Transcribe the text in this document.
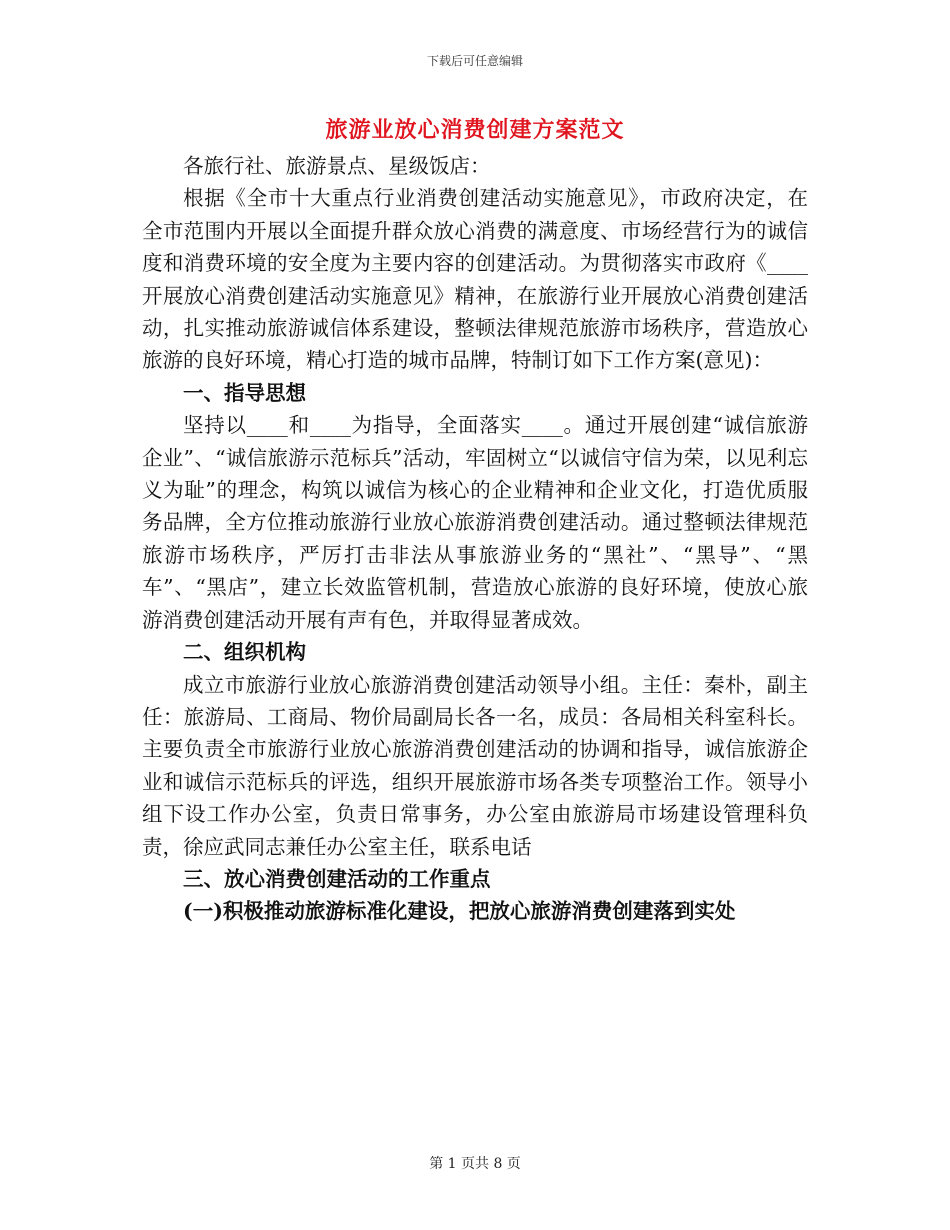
下载后可任意编辑
旅游业放心消费创建方案范文

各旅行社、旅游景点、星级饭店：

根据《全市十大重点行业消费创建活动实施意见》，市政府决定，在全市范围内开展以全面提升群众放心消费的满意度、市场经营行为的诚信度和消费环境的安全度为主要内容的创建活动。为贯彻落实市政府《____开展放心消费创建活动实施意见》精神，在旅游行业开展放心消费创建活动，扎实推动旅游诚信体系建设，整顿法律规范旅游市场秩序，营造放心旅游的良好环境，精心打造的城市品牌，特制订如下工作方案(意见)：

一、指导思想

坚持以____和____为指导，全面落实____。通过开展创建“诚信旅游企业”、“诚信旅游示范标兵”活动，牢固树立“以诚信守信为荣，以见利忘义为耻”的理念，构筑以诚信为核心的企业精神和企业文化，打造优质服务品牌，全方位推动旅游行业放心旅游消费创建活动。通过整顿法律规范旅游市场秩序，严厉打击非法从事旅游业务的“黑社”、“黑导”、“黑车”、“黑店”，建立长效监管机制，营造放心旅游的良好环境，使放心旅游消费创建活动开展有声有色，并取得显著成效。

二、组织机构

成立市旅游行业放心旅游消费创建活动领导小组。主任：秦朴，副主任：旅游局、工商局、物价局副局长各一名，成员：各局相关科室科长。主要负责全市旅游行业放心旅游消费创建活动的协调和指导，诚信旅游企业和诚信示范标兵的评选，组织开展旅游市场各类专项整治工作。领导小组下设工作办公室，负责日常事务，办公室由旅游局市场建设管理科负责，徐应武同志兼任办公室主任，联系电话

三、放心消费创建活动的工作重点

(一)积极推动旅游标准化建设，把放心旅游消费创建落到实处

第 1 页共 8 页
